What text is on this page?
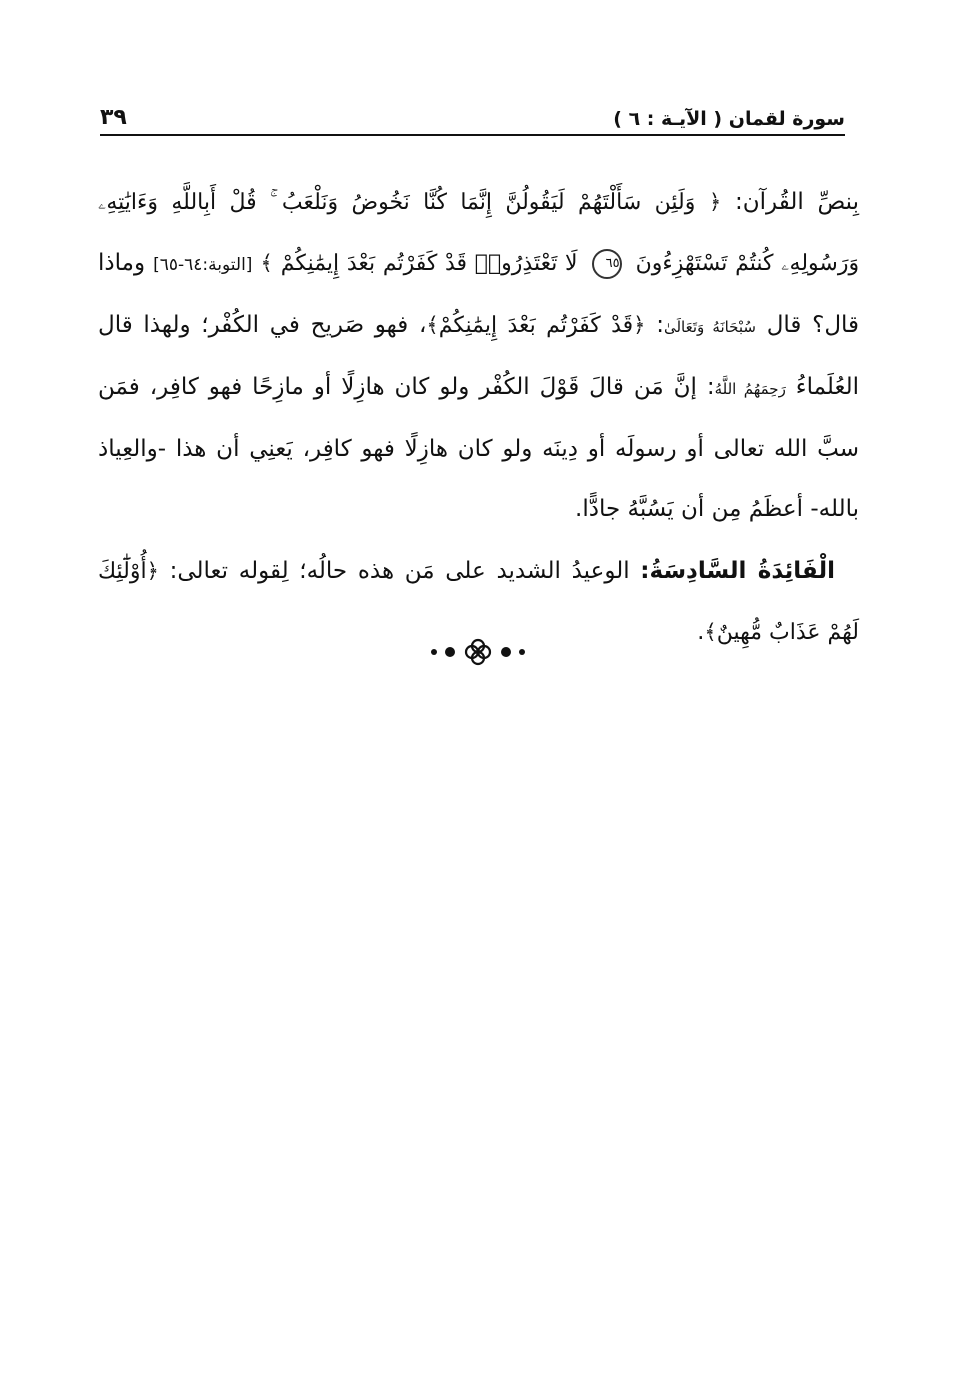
سورة لقمان ( الآيـة : ٦ )
٣٩

بِنصِّ القُرآن: ﴿ وَلَئِن سَأَلْتَهُمْ لَيَقُولُنَّ إِنَّمَا كُنَّا نَخُوضُ وَنَلْعَبُ ۚ قُلْ أَبِاللَّهِ وَءَايَٰتِهِۦ وَرَسُولِهِۦ كُنتُمْ تَسْتَهْزِءُونَ ٦٥ لَا تَعْتَذِرُوا۟ قَدْ كَفَرْتُم بَعْدَ إِيمَٰنِكُمْ ﴾ [التوبة:٦٤-٦٥] وماذا قال؟ قال سُبْحَانَهُ وَتَعَالَىٰ: ﴿قَدْ كَفَرْتُم بَعْدَ إِيمَٰنِكُمْ﴾، فهو صَريح في الكُفْر؛ ولهذا قال العُلَماءُ رَحِمَهُمُ اللَّهُ: إنَّ مَن قالَ قَوْلَ الكُفْر ولو كان هازِلًا أو مازِحًا فهو كافِر، فمَن سبَّ الله تعالى أو رسولَه أو دِينَه ولو كان هازِلًا فهو كافِر، يَعنِي أن هذا -والعِياذ بالله- أعظَمُ مِن أن يَسُبَّهُ جادًّا.

الْفَائِدَةُ السَّادِسَةُ: الوعيدُ الشديد على مَن هذه حالُه؛ لِقوله تعالى: ﴿أُوْلَٰٓئِكَ لَهُمْ عَذَابٌ مُّهِينٌ﴾.
